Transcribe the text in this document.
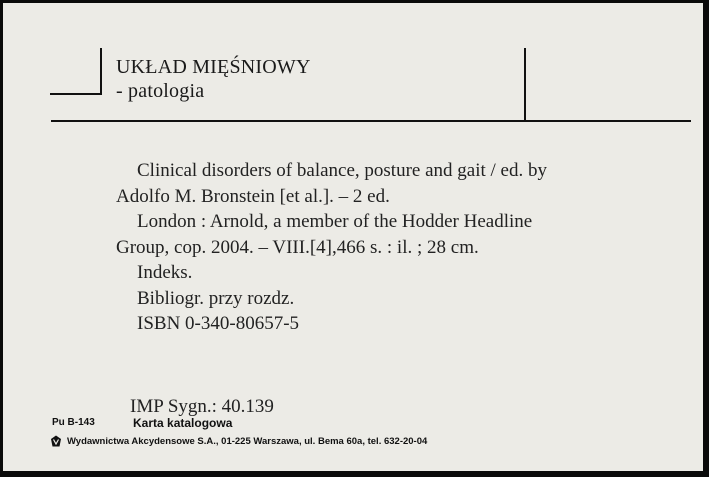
UKŁAD MIĘŚNIOWY
- patologia
Clinical disorders of balance, posture and gait / ed. by
Adolfo M. Bronstein [et al.]. – 2 ed.
London : Arnold, a member of the Hodder Headline
Group, cop. 2004. – VIII.[4],466 s. : il. ; 28 cm.
Indeks.
Bibliogr. przy rozdz.
ISBN 0-340-80657-5
IMP Sygn.: 40.139
Pu B-143	Karta katalogowa
Wydawnictwa Akcydensowe S.A., 01-225 Warszawa, ul. Bema 60a, tel. 632-20-04
